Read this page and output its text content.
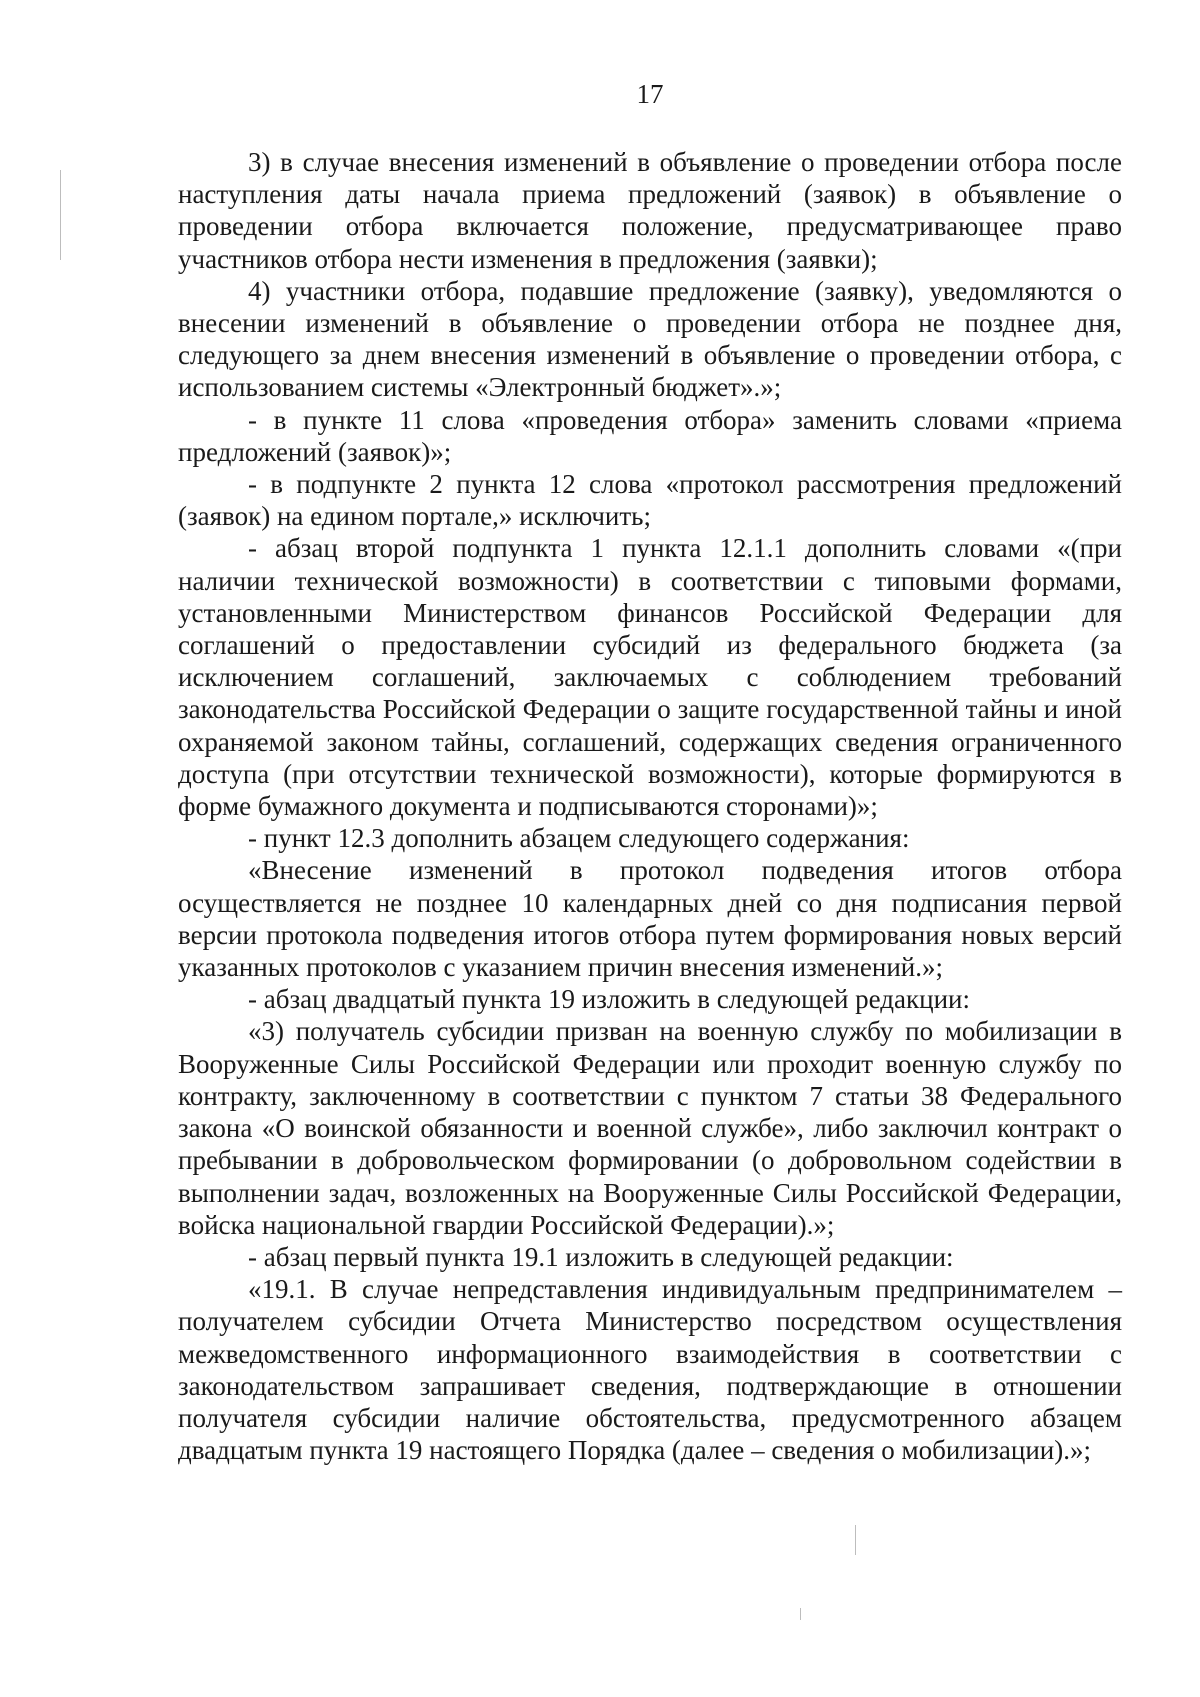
17

3) в случае внесения изменений в объявление о проведении отбора после наступления даты начала приема предложений (заявок) в объявление о проведении отбора включается положение, предусматривающее право участников отбора нести изменения в предложения (заявки);

4) участники отбора, подавшие предложение (заявку), уведомляются о внесении изменений в объявление о проведении отбора не позднее дня, следующего за днем внесения изменений в объявление о проведении отбора, с использованием системы «Электронный бюджет».»;

- в пункте 11 слова «проведения отбора» заменить словами «приема предложений (заявок)»;

- в подпункте 2 пункта 12 слова «протокол рассмотрения предложений (заявок) на едином портале,» исключить;

- абзац второй подпункта 1 пункта 12.1.1 дополнить словами «(при наличии технической возможности) в соответствии с типовыми формами, установленными Министерством финансов Российской Федерации для соглашений о предоставлении субсидий из федерального бюджета (за исключением соглашений, заключаемых с соблюдением требований законодательства Российской Федерации о защите государственной тайны и иной охраняемой законом тайны, соглашений, содержащих сведения ограниченного доступа (при отсутствии технической возможности), которые формируются в форме бумажного документа и подписываются сторонами)»;

- пункт 12.3 дополнить абзацем следующего содержания:

«Внесение изменений в протокол подведения итогов отбора осуществляется не позднее 10 календарных дней со дня подписания первой версии протокола подведения итогов отбора путем формирования новых версий указанных протоколов с указанием причин внесения изменений.»;

- абзац двадцатый пункта 19 изложить в следующей редакции:

«3) получатель субсидии призван на военную службу по мобилизации в Вооруженные Силы Российской Федерации или проходит военную службу по контракту, заключенному в соответствии с пунктом 7 статьи 38 Федерального закона «О воинской обязанности и военной службе», либо заключил контракт о пребывании в добровольческом формировании (о добровольном содействии в выполнении задач, возложенных на Вооруженные Силы Российской Федерации, войска национальной гвардии Российской Федерации).»;

- абзац первый пункта 19.1 изложить в следующей редакции:

«19.1. В случае непредставления индивидуальным предпринимателем – получателем субсидии Отчета Министерство посредством осуществления межведомственного информационного взаимодействия в соответствии с законодательством запрашивает сведения, подтверждающие в отношении получателя субсидии наличие обстоятельства, предусмотренного абзацем двадцатым пункта 19 настоящего Порядка (далее – сведения о мобилизации).»;
